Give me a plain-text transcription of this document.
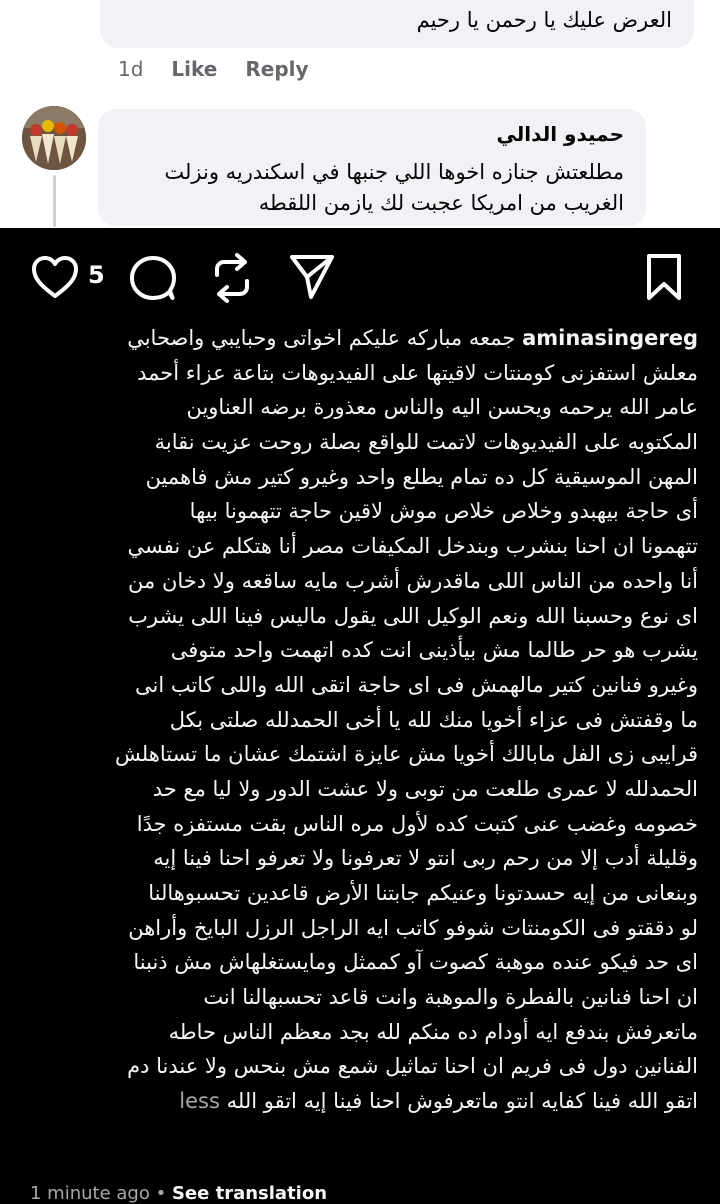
العرض عليك يا رحمن يا رحيم
1d Like Reply
حميدو الدالي
مطلعتش جنازه اخوها اللي جنبها في اسكندريه ونزلت
الغريب من امريكا عجبت لك يازمن اللقطه
5
aminasingereg جمعه مباركه عليكم اخواتى وحبايبي واصحابي
معلش استفزنى كومنتات لاقيتها على الفيديوهات بتاعة عزاء أحمد
عامر الله يرحمه ويحسن اليه والناس معذورة برضه العناوين
المكتوبه على الفيديوهات لاتمت للواقع بصلة روحت عزيت نقابة
المهن الموسيقية كل ده تمام يطلع واحد وغيرو كتير مش فاهمين
أى حاجة بيهبدو وخلاص خلاص موش لاقين حاجة تتهمونا بيها
تتهمونا ان احنا بنشرب وبندخل المكيفات مصر أنا هتكلم عن نفسي
أنا واحده من الناس اللى ماقدرش أشرب مايه ساقعه ولا دخان من
اى نوع وحسبنا الله ونعم الوكيل اللى يقول ماليس فينا اللى يشرب
يشرب هو حر طالما مش بيأذينى انت كده اتهمت واحد متوفى
وغيرو فنانين كتير مالهمش فى اى حاجة اتقى الله واللى كاتب انى
ما وقفتش فى عزاء أخويا منك لله يا أخى الحمدلله صلتى بكل
قرايبى زى الفل مابالك أخويا مش عايزة اشتمك عشان ما تستاهلش
الحمدلله لا عمرى طلعت من توبى ولا عشت الدور ولا ليا مع حد
خصومه وغضب عنى كتبت كده لأول مره الناس بقت مستفزه جدًا
وقليلة أدب إلا من رحم ربى انتو لا تعرفونا ولا تعرفو احنا فينا إيه
وبنعانى من إيه حسدتونا وعنيكم جابتنا الأرض قاعدين تحسبوهالنا
لو دققتو فى الكومنتات شوفو كاتب ايه الراجل الرزل البايخ وأراهن
اى حد فيكو عنده موهبة كصوت آو كممثل ومايستغلهاش مش ذنبنا
ان احنا فنانين بالفطرة والموهبة وانت قاعد تحسبهالنا انت
ماتعرفش بندفع ايه أودام ده منكم لله بجد معظم الناس حاطه
الفنانين دول فى فريم ان احنا تماثيل شمع مش بنحس ولا عندنا دم
اتقو الله فينا كفايه انتو ماتعرفوش احنا فينا إيه اتقو الله less
1 minute ago • See translation
